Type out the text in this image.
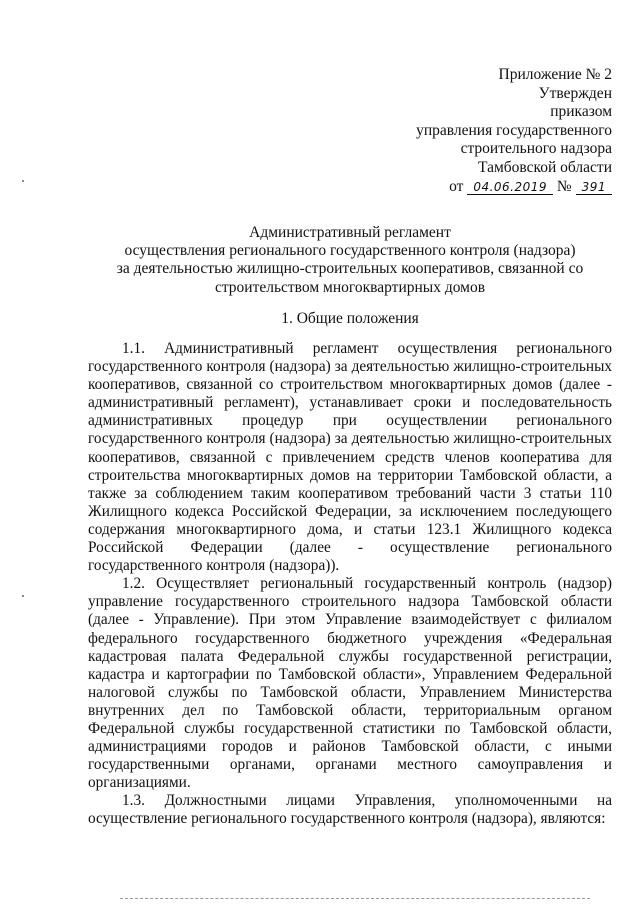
Приложение № 2
Утвержден
приказом
управления государственного
строительного надзора
Тамбовской области
от 04.06.2019 № 391
Административный регламент
осуществления регионального государственного контроля (надзора)
за деятельностью жилищно-строительных кооперативов, связанной со
строительством многоквартирных домов
1. Общие положения

1.1. Административный регламент осуществления регионального государственного контроля (надзора) за деятельностью жилищно-строительных кооперативов, связанной со строительством многоквартирных домов (далее - административный регламент), устанавливает сроки и последовательность административных процедур при осуществлении регионального государственного контроля (надзора) за деятельностью жилищно-строительных кооперативов, связанной с привлечением средств членов кооператива для строительства многоквартирных домов на территории Тамбовской области, а также за соблюдением таким кооперативом требований части 3 статьи 110 Жилищного кодекса Российской Федерации, за исключением последующего содержания многоквартирного дома, и статьи 123.1 Жилищного кодекса Российской Федерации (далее - осуществление регионального государственного контроля (надзора)).

1.2. Осуществляет региональный государственный контроль (надзор) управление государственного строительного надзора Тамбовской области (далее - Управление). При этом Управление взаимодействует с филиалом федерального государственного бюджетного учреждения «Федеральная кадастровая палата Федеральной службы государственной регистрации, кадастра и картографии по Тамбовской области», Управлением Федеральной налоговой службы по Тамбовской области, Управлением Министерства внутренних дел по Тамбовской области, территориальным органом Федеральной службы государственной статистики по Тамбовской области, администрациями городов и районов Тамбовской области, с иными государственными органами, органами местного самоуправления и организациями.

1.3. Должностными лицами Управления, уполномоченными на осуществление регионального государственного контроля (надзора), являются:
